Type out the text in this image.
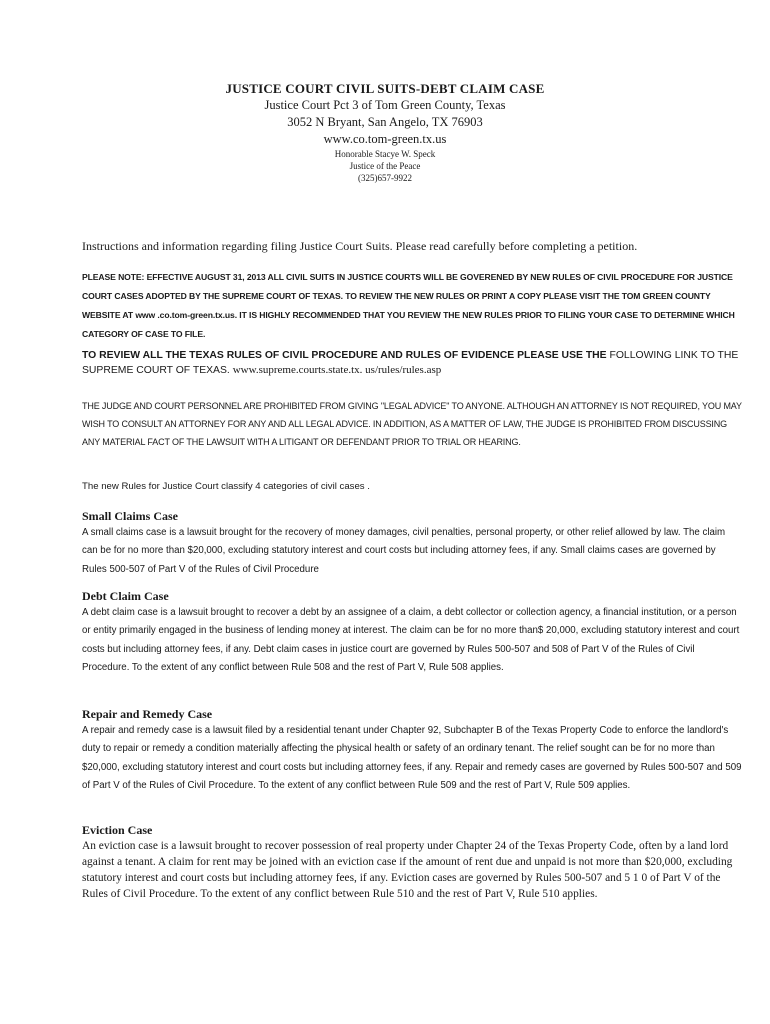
JUSTICE COURT CIVIL SUITS-DEBT CLAIM CASE
Justice Court Pct 3 of Tom Green County, Texas
3052 N Bryant, San Angelo, TX 76903
www.co.tom-green.tx.us
Honorable Stacye W. Speck
Justice of the Peace
(325)657-9922
Instructions and information regarding filing Justice Court Suits. Please read carefully before completing a petition.
PLEASE NOTE: EFFECTIVE AUGUST 31, 2013 ALL CIVIL SUITS IN JUSTICE COURTS WILL BE GOVERENED BY NEW RULES OF CIVIL PROCEDURE FOR JUSTICE COURT CASES ADOPTED BY THE SUPREME COURT OF TEXAS. TO REVIEW THE NEW RULES OR PRINT A COPY PLEASE VISIT THE TOM GREEN COUNTY WEBSITE AT www .co.tom-green.tx.us. IT IS HIGHLY RECOMMENDED THAT YOU REVIEW THE NEW RULES PRIOR TO FILING YOUR CASE TO DETERMINE WHICH CATEGORY OF CASE TO FILE.
TO REVIEW ALL THE TEXAS RULES OF CIVIL PROCEDURE AND RULES OF EVIDENCE PLEASE USE THE FOLLOWING LINK TO THE SUPREME COURT OF TEXAS. www.supreme.courts.state.tx. us/rules/rules.asp
THE JUDGE AND COURT PERSONNEL ARE PROHIBITED FROM GIVING "LEGAL ADVICE" TO ANYONE. ALTHOUGH AN ATTORNEY IS NOT REQUIRED, YOU MAY WISH TO CONSULT AN ATTORNEY FOR ANY AND ALL LEGAL ADVICE. IN ADDITION, AS A MATTER OF LAW, THE JUDGE IS PROHIBITED FROM DISCUSSING ANY MATERIAL FACT OF THE LAWSUIT WITH A LITIGANT OR DEFENDANT PRIOR TO TRIAL OR HEARING.
The new Rules for Justice Court classify 4 categories of civil cases .
Small Claims Case
A small claims case is a lawsuit brought for the recovery of money damages, civil penalties, personal property, or other relief allowed by law. The claim can be for no more than $20,000, excluding statutory interest and court costs but including attorney fees, if any. Small claims cases are governed by Rules 500-507 of Part V of the Rules of Civil Procedure
Debt Claim Case
A debt claim case is a lawsuit brought to recover a debt by an assignee of a claim, a debt collector or collection agency, a financial institution, or a person or entity primarily engaged in the business of lending money at interest. The claim can be for no more than$ 20,000, excluding statutory interest and court costs but including attorney fees, if any. Debt claim cases in justice court are governed by Rules 500-507 and 508 of Part V of the Rules of Civil Procedure. To the extent of any conflict between Rule 508 and the rest of Part V, Rule 508 applies.
Repair and Remedy Case
A repair and remedy case is a lawsuit filed by a residential tenant under Chapter 92, Subchapter B of the Texas Property Code to enforce the landlord's duty to repair or remedy a condition materially affecting the physical health or safety of an ordinary tenant. The relief sought can be for no more than $20,000, excluding statutory interest and court costs but including attorney fees, if any. Repair and remedy cases are governed by Rules 500-507 and 509 of Part V of the Rules of Civil Procedure. To the extent of any conflict between Rule 509 and the rest of Part V, Rule 509 applies.
Eviction Case
An eviction case is a lawsuit brought to recover possession of real property under Chapter 24 of the Texas Property Code, often by a land lord against a tenant. A claim for rent may be joined with an eviction case if the amount of rent due and unpaid is not more than $20,000, excluding statutory interest and court costs but including attorney fees, if any. Eviction cases are governed by Rules 500-507 and 5 1 0 of Part V of the Rules of Civil Procedure. To the extent of any conflict between Rule 510 and the rest of Part V, Rule 510 applies.
